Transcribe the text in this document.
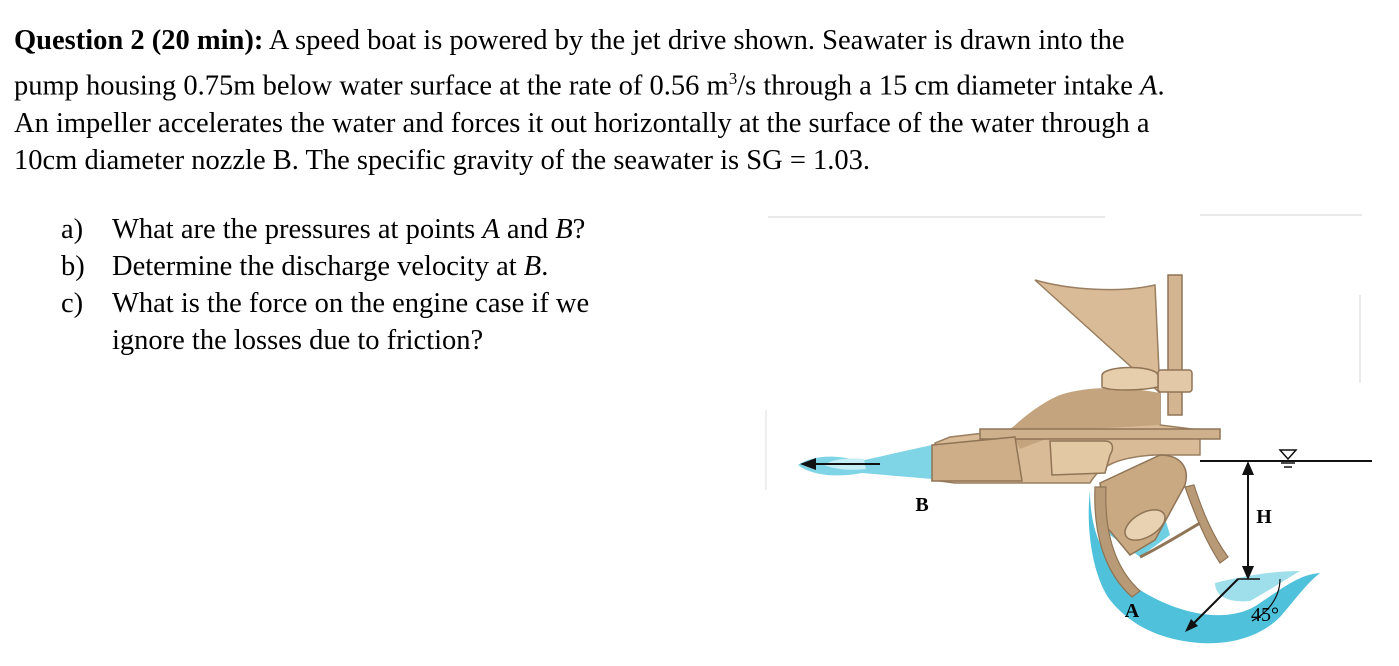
Question 2 (20 min): A speed boat is powered by the jet drive shown. Seawater is drawn into the
pump housing 0.75m below water surface at the rate of 0.56 $m^3/s$ through a 15 cm diameter intake A.
An impeller accelerates the water and forces it out horizontally at the surface of the water through a
10cm diameter nozzle B. The specific gravity of the seawater is SG = 1.03.

a) What are the pressures at points A and B?
b) Determine the discharge velocity at B.
c) What is the force on the engine case if we
ignore the losses due to friction?
B
A
H
45°
